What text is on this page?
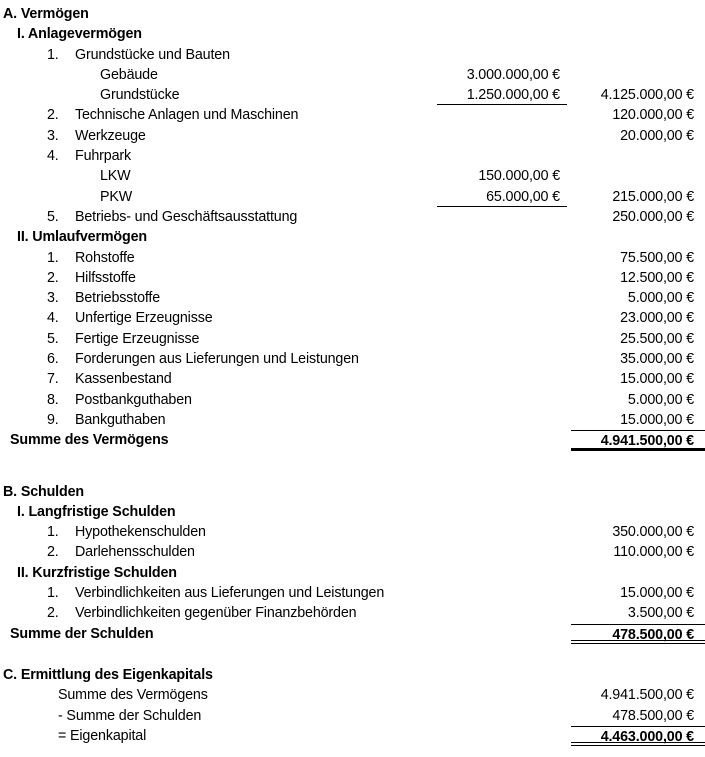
A. Vermögen
I. Anlagevermögen
1.	Grundstücke und Bauten
Gebäude	3.000.000,00 €
Grundstücke	1.250.000,00 €	4.125.000,00 €
2.	Technische Anlagen und Maschinen	120.000,00 €
3.	Werkzeuge	20.000,00 €
4.	Fuhrpark
LKW	150.000,00 €
PKW	65.000,00 €	215.000,00 €
5.	Betriebs- und Geschäftsausstattung	250.000,00 €
II. Umlaufvermögen
1.	Rohstoffe	75.500,00 €
2.	Hilfsstoffe	12.500,00 €
3.	Betriebsstoffe	5.000,00 €
4.	Unfertige Erzeugnisse	23.000,00 €
5.	Fertige Erzeugnisse	25.500,00 €
6.	Forderungen aus Lieferungen und Leistungen	35.000,00 €
7.	Kassenbestand	15.000,00 €
8.	Postbankguthaben	5.000,00 €
9.	Bankguthaben	15.000,00 €
Summe des Vermögens	4.941.500,00 €
B. Schulden
I. Langfristige Schulden
1.	Hypothekenschulden	350.000,00 €
2.	Darlehensschulden	110.000,00 €
II. Kurzfristige Schulden
1.	Verbindlichkeiten aus Lieferungen und Leistungen	15.000,00 €
2.	Verbindlichkeiten gegenüber Finanzbehörden	3.500,00 €
Summe der Schulden	478.500,00 €
C. Ermittlung des Eigenkapitals
Summe des Vermögens	4.941.500,00 €
- Summe der Schulden	478.500,00 €
= Eigenkapital	4.463.000,00 €
